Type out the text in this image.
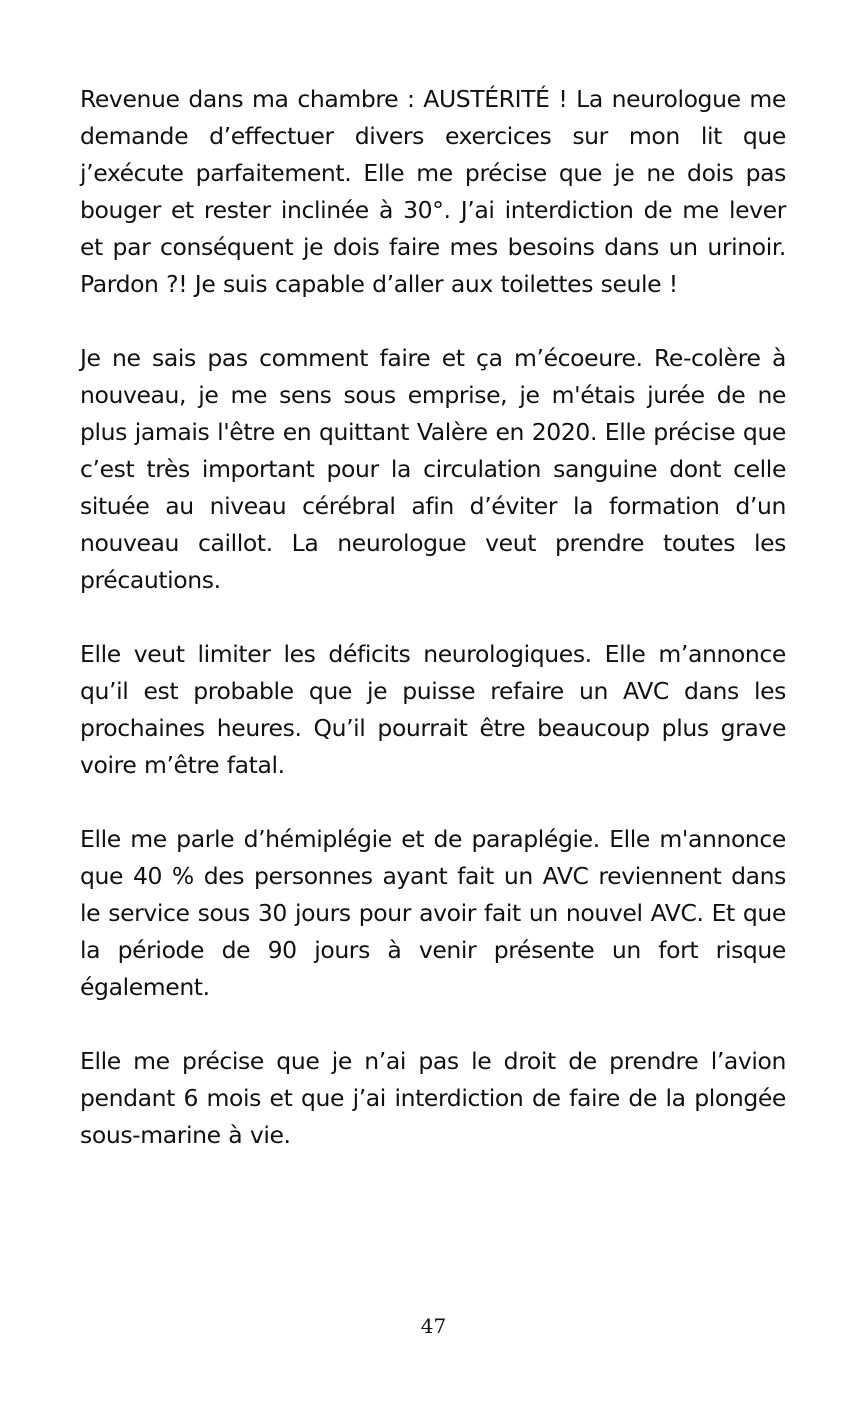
Revenue dans ma chambre : AUSTÉRITÉ ! La neurologue me demande d’effectuer divers exercices sur mon lit que j’exécute parfaitement. Elle me précise que je ne dois pas bouger et rester inclinée à 30°. J’ai interdiction de me lever et par conséquent je dois faire mes besoins dans un urinoir. Pardon ?! Je suis capable d’aller aux toilettes seule !

Je ne sais pas comment faire et ça m’écoeure. Re-colère à nouveau, je me sens sous emprise, je m'étais jurée de ne plus jamais l'être en quittant Valère en 2020. Elle précise que c’est très important pour la circulation sanguine dont celle située au niveau cérébral afin d’éviter la formation d’un nouveau caillot. La neurologue veut prendre toutes les précautions.

Elle veut limiter les déficits neurologiques. Elle m’annonce qu’il est probable que je puisse refaire un AVC dans les prochaines heures. Qu’il pourrait être beaucoup plus grave voire m’être fatal.

Elle me parle d’hémiplégie et de paraplégie. Elle m'annonce que 40 % des personnes ayant fait un AVC reviennent dans le service sous 30 jours pour avoir fait un nouvel AVC. Et que la période de 90 jours à venir présente un fort risque également.

Elle me précise que je n’ai pas le droit de prendre l’avion pendant 6 mois et que j’ai interdiction de faire de la plongée sous-marine à vie.

47
